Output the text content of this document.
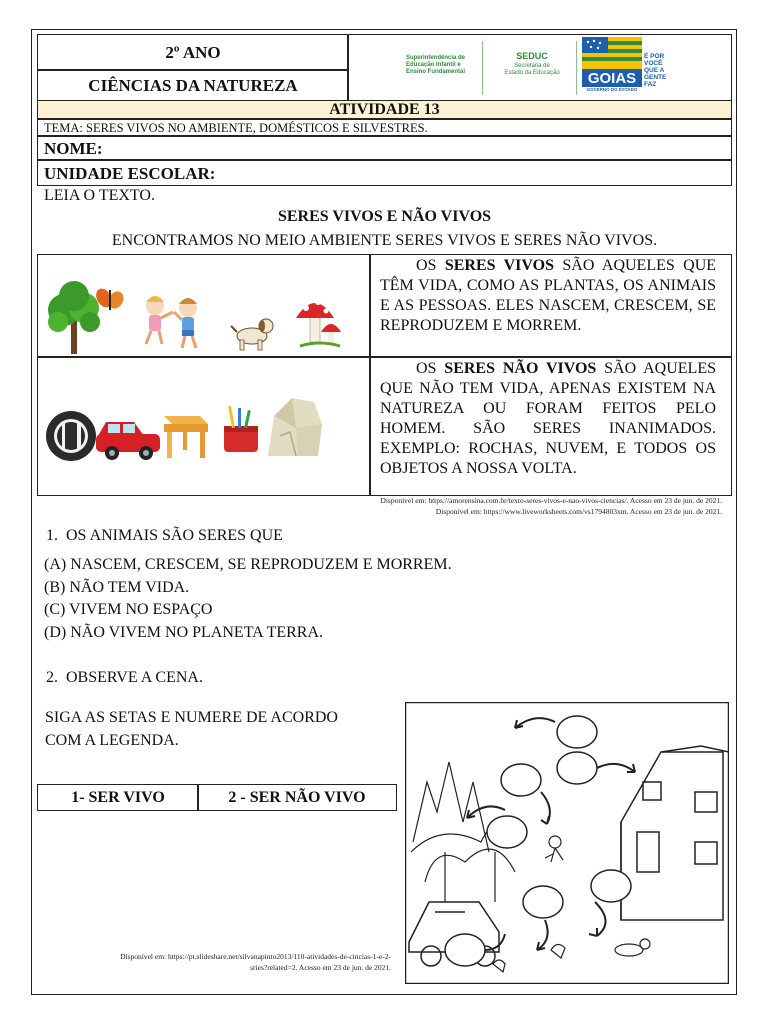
2º ANO
CIÊNCIAS DA NATUREZA
Superintendência de Educação Infantil e Ensino Fundamental
SEDUC
Secretaria de Estado da Educação GOIAS
GOVERNO DO ESTADO
É POR VOCÊ QUE A GENTE FAZ
ATIVIDADE 13
TEMA: SERES VIVOS NO AMBIENTE, DOMÉSTICOS E SILVESTRES.
NOME:
UNIDADE ESCOLAR:
LEIA O TEXTO.
SERES VIVOS E NÃO VIVOS
ENCONTRAMOS NO MEIO AMBIENTE SERES VIVOS E SERES NÃO VIVOS.
OS SERES VIVOS SÃO AQUELES QUE TÊM VIDA, COMO AS PLANTAS, OS ANIMAIS E AS PESSOAS. ELES NASCEM, CRESCEM, SE REPRODUZEM E MORREM.
OS SERES NÃO VIVOS SÃO AQUELES QUE NÃO TEM VIDA, APENAS EXISTEM NA NATUREZA OU FORAM FEITOS PELO HOMEM. SÃO SERES INANIMADOS. EXEMPLO: ROCHAS, NUVEM, E TODOS OS OBJETOS A NOSSA VOLTA.
Disponível em: https://amorensina.com.br/texto-seres-vivos-e-nao-vivos-ciencias/. Acesso em 23 de jun. de 2021.
Disponível em: https://www.liveworksheets.com/vs1794803xm. Acesso em 23 de jun. de 2021.
1.  OS ANIMAIS SÃO SERES QUE
(A) NASCEM, CRESCEM, SE REPRODUZEM E MORREM.
(B) NÃO TEM VIDA.
(C) VIVEM NO ESPAÇO
(D) NÃO VIVEM NO PLANETA TERRA.
2.  OBSERVE A CENA.
SIGA AS SETAS E NUMERE DE ACORDO
COM A LEGENDA.
1- SER VIVO	2 - SER NÃO VIVO
Disponível em: https://pt.slideshare.net/silvanapinto2013/110-atividades-de-cincias-1-e-2-
sries?related=2. Acesso em 23 de jun. de 2021.
